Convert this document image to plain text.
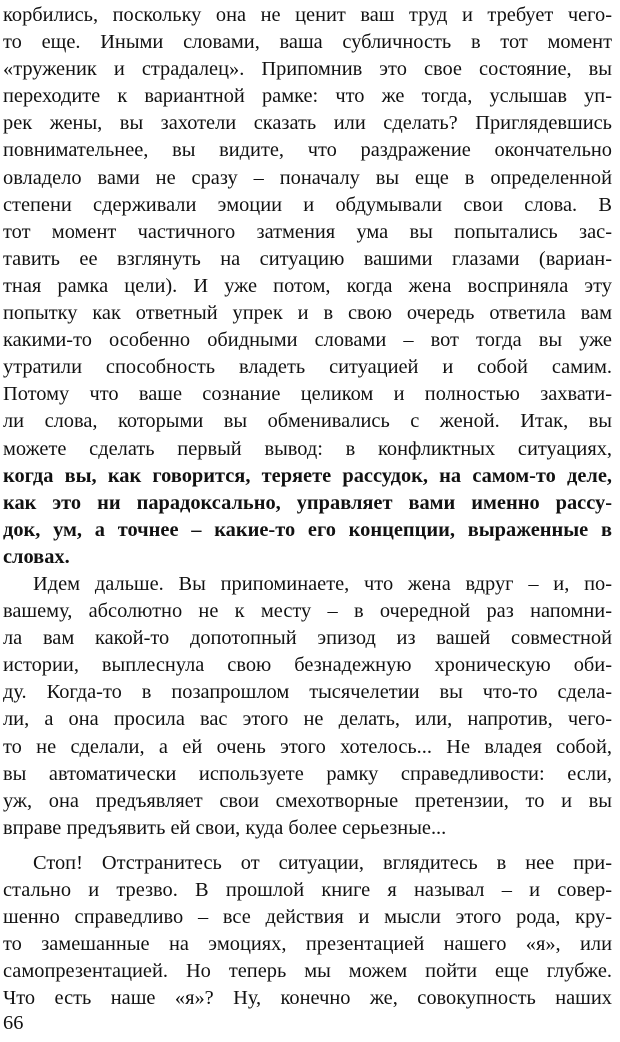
корбились, поскольку она не ценит ваш труд и требует чего-
то еще. Иными словами, ваша субличность в тот момент
«труженик и страдалец». Припомнив это свое состояние, вы
переходите к вариантной рамке: что же тогда, услышав уп-
рек жены, вы захотели сказать или сделать? Приглядевшись
повнимательнее, вы видите, что раздражение окончательно
овладело вами не сразу – поначалу вы еще в определенной
степени сдерживали эмоции и обдумывали свои слова. В
тот момент частичного затмения ума вы попытались зас-
тавить ее взглянуть на ситуацию вашими глазами (вариан-
тная рамка цели). И уже потом, когда жена восприняла эту
попытку как ответный упрек и в свою очередь ответила вам
какими-то особенно обидными словами – вот тогда вы уже
утратили способность владеть ситуацией и собой самим.
Потому что ваше сознание целиком и полностью захвати-
ли слова, которыми вы обменивались с женой. Итак, вы
можете сделать первый вывод: в конфликтных ситуациях,
когда вы, как говорится, теряете рассудок, на самом-то деле,
как это ни парадоксально, управляет вами именно рассу-
док, ум, а точнее – какие-то его концепции, выраженные в
словах.
Идем дальше. Вы припоминаете, что жена вдруг – и, по-
вашему, абсолютно не к месту – в очередной раз напомни-
ла вам какой-то допотопный эпизод из вашей совместной
истории, выплеснула свою безнадежную хроническую оби-
ду. Когда-то в позапрошлом тысячелетии вы что-то сдела-
ли, а она просила вас этого не делать, или, напротив, чего-
то не сделали, а ей очень этого хотелось... Не владея собой,
вы автоматически используете рамку справедливости: если,
уж, она предъявляет свои смехотворные претензии, то и вы
вправе предъявить ей свои, куда более серьезные...
Стоп! Отстранитесь от ситуации, вглядитесь в нее при-
стально и трезво. В прошлой книге я называл – и совер-
шенно справедливо – все действия и мысли этого рода, кру-
то замешанные на эмоциях, презентацией нашего «я», или
самопрезентацией. Но теперь мы можем пойти еще глубже.
Что есть наше «я»? Ну, конечно же, совокупность наших
66
